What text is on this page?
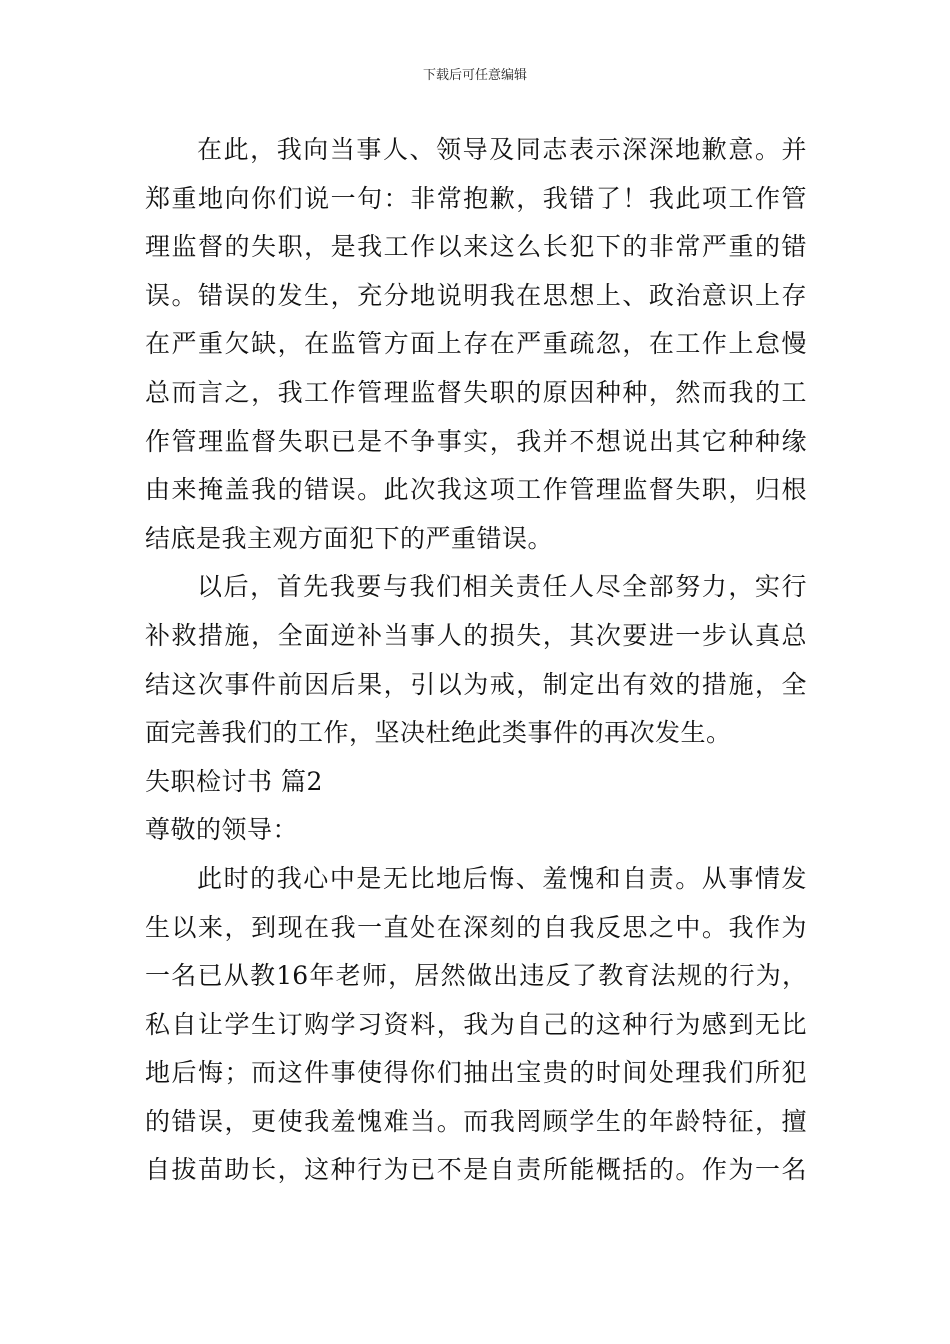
下载后可任意编辑
在此，我向当事人、领导及同志表示深深地歉意。并
郑重地向你们说一句：非常抱歉，我错了！我此项工作管
理监督的失职，是我工作以来这么长犯下的非常严重的错
误。错误的发生，充分地说明我在思想上、政治意识上存
在严重欠缺，在监管方面上存在严重疏忽，在工作上怠慢
总而言之，我工作管理监督失职的原因种种，然而我的工
作管理监督失职已是不争事实，我并不想说出其它种种缘
由来掩盖我的错误。此次我这项工作管理监督失职，归根
结底是我主观方面犯下的严重错误。
以后，首先我要与我们相关责任人尽全部努力，实行
补救措施，全面逆补当事人的损失，其次要进一步认真总
结这次事件前因后果，引以为戒，制定出有效的措施，全
面完善我们的工作，坚决杜绝此类事件的再次发生。
失职检讨书 篇2
尊敬的领导：
此时的我心中是无比地后悔、羞愧和自责。从事情发
生以来，到现在我一直处在深刻的自我反思之中。我作为
一名已从教16年老师，居然做出违反了教育法规的行为，
私自让学生订购学习资料，我为自己的这种行为感到无比
地后悔；而这件事使得你们抽出宝贵的时间处理我们所犯
的错误，更使我羞愧难当。而我罔顾学生的年龄特征，擅
自拔苗助长，这种行为已不是自责所能概括的。作为一名
